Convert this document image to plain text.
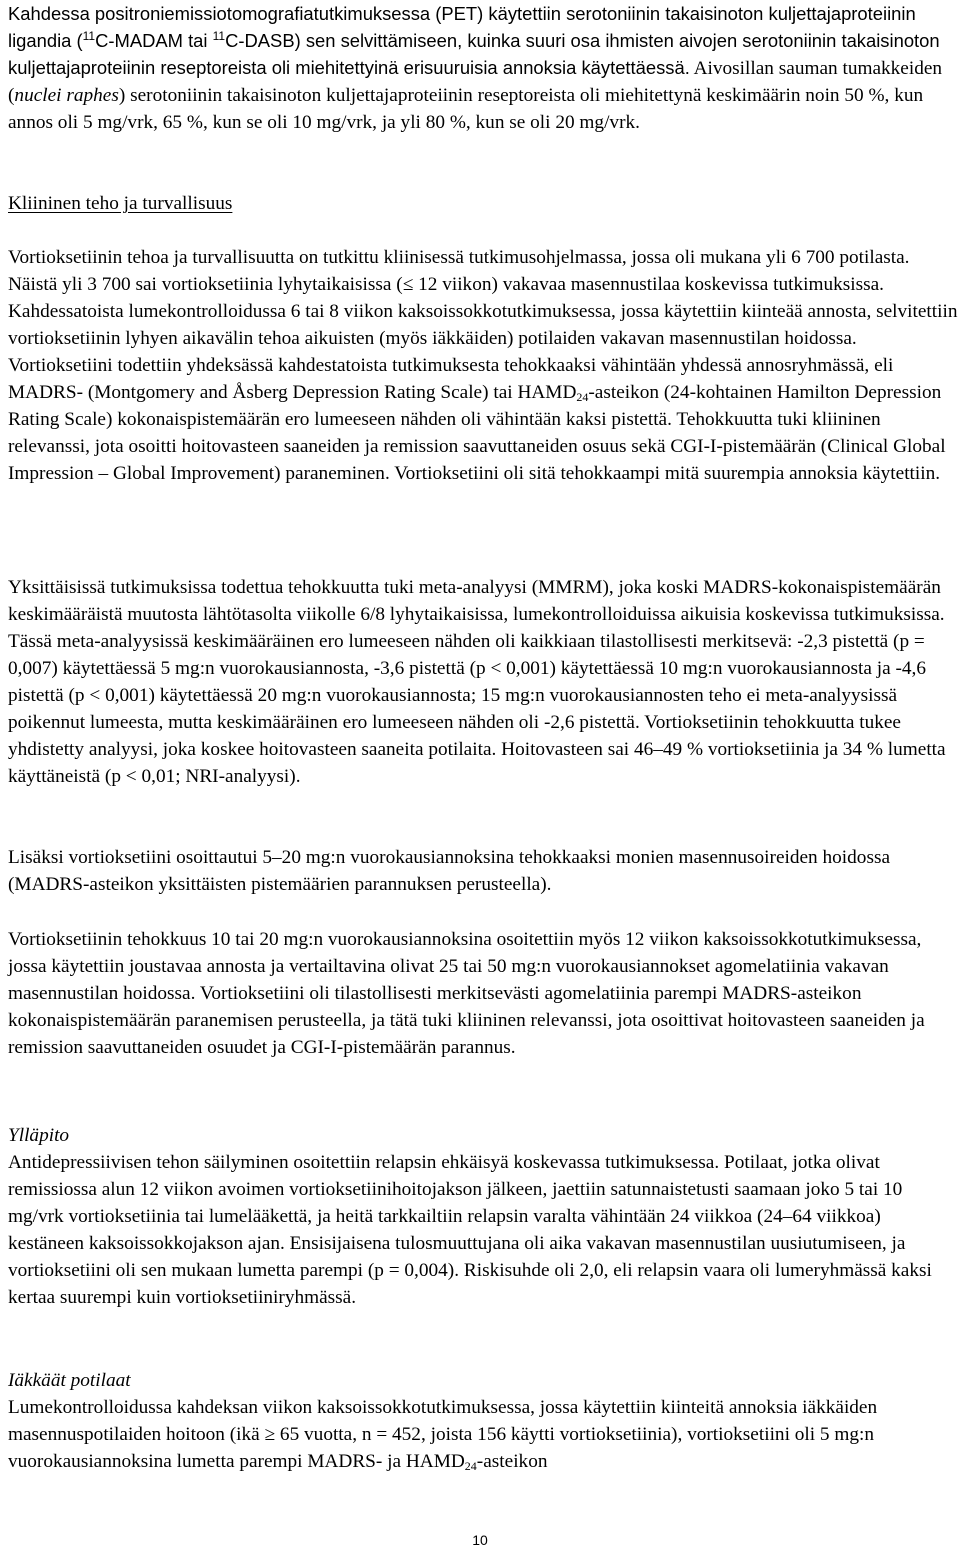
Kahdessa positroniemissiotomografiatutkimuksessa (PET) käytettiin serotoniinin takaisinoton kuljettajaproteiinin ligandia ($^{11}$C-MADAM tai $^{11}$C-DASB) sen selvittämiseen, kuinka suuri osa ihmisten aivojen serotoniinin takaisinoton kuljettajaproteiinin reseptoreista oli miehitettyinä erisuuruisia annoksia käytettäessä. Aivosillan sauman tumakkeiden (nuclei raphes) serotoniinin takaisinoton kuljettajaproteiinin reseptoreista oli miehitettynä keskimäärin noin 50 %, kun annos oli 5 mg/vrk, 65 %, kun se oli 10 mg/vrk, ja yli 80 %, kun se oli 20 mg/vrk.

Kliininen teho ja turvallisuus

Vortioksetiinin tehoa ja turvallisuutta on tutkittu kliinisessä tutkimusohjelmassa, jossa oli mukana yli 6 700 potilasta. Näistä yli 3 700 sai vortioksetiinia lyhytaikaisissa (≤ 12 viikon) vakavaa masennustilaa koskevissa tutkimuksissa. Kahdessatoista lumekontrolloidussa 6 tai 8 viikon kaksoissokkotutkimuksessa, jossa käytettiin kiinteää annosta, selvitettiin vortioksetiinin lyhyen aikavälin tehoa aikuisten (myös iäkkäiden) potilaiden vakavan masennustilan hoidossa. Vortioksetiini todettiin yhdeksässä kahdestatoista tutkimuksesta tehokkaaksi vähintään yhdessä annosryhmässä, eli MADRS- (Montgomery and Åsberg Depression Rating Scale) tai $HAMD_{24}$-asteikon (24-kohtainen Hamilton Depression Rating Scale) kokonaispistemäärän ero lumeeseen nähden oli vähintään kaksi pistettä. Tehokkuutta tuki kliininen relevanssi, jota osoitti hoitovasteen saaneiden ja remission saavuttaneiden osuus sekä CGI-I-pistemäärän (Clinical Global Impression – Global Improvement) paraneminen. Vortioksetiini oli sitä tehokkaampi mitä suurempia annoksia käytettiin.

Yksittäisissä tutkimuksissa todettua tehokkuutta tuki meta-analyysi (MMRM), joka koski MADRS-kokonaispistemäärän keskimääräistä muutosta lähtötasolta viikolle 6/8 lyhytaikaisissa, lumekontrolloiduissa aikuisia koskevissa tutkimuksissa. Tässä meta-analyysissä keskimääräinen ero lumeeseen nähden oli kaikkiaan tilastollisesti merkitsevä: -2,3 pistettä (p = 0,007) käytettäessä 5 mg:n vuorokausiannosta, -3,6 pistettä (p < 0,001) käytettäessä 10 mg:n vuorokausiannosta ja -4,6 pistettä (p < 0,001) käytettäessä 20 mg:n vuorokausiannosta; 15 mg:n vuorokausiannosten teho ei meta-analyysissä poikennut lumeesta, mutta keskimääräinen ero lumeeseen nähden oli -2,6 pistettä. Vortioksetiinin tehokkuutta tukee yhdistetty analyysi, joka koskee hoitovasteen saaneita potilaita. Hoitovasteen sai 46–49 % vortioksetiinia ja 34 % lumetta käyttäneistä (p < 0,01; NRI-analyysi).

Lisäksi vortioksetiini osoittautui 5–20 mg:n vuorokausiannoksina tehokkaaksi monien masennusoireiden hoidossa (MADRS-asteikon yksittäisten pistemäärien parannuksen perusteella).

Vortioksetiinin tehokkuus 10 tai 20 mg:n vuorokausiannoksina osoitettiin myös 12 viikon kaksoissokkotutkimuksessa, jossa käytettiin joustavaa annosta ja vertailtavina olivat 25 tai 50 mg:n vuorokausiannokset agomelatiinia vakavan masennustilan hoidossa. Vortioksetiini oli tilastollisesti merkitsevästi agomelatiinia parempi MADRS-asteikon kokonaispistemäärän paranemisen perusteella, ja tätä tuki kliininen relevanssi, jota osoittivat hoitovasteen saaneiden ja remission saavuttaneiden osuudet ja CGI-I-pistemäärän parannus.

Ylläpito

Antidepressiivisen tehon säilyminen osoitettiin relapsin ehkäisyä koskevassa tutkimuksessa. Potilaat, jotka olivat remissiossa alun 12 viikon avoimen vortioksetiinihoitojakson jälkeen, jaettiin satunnaistetusti saamaan joko 5 tai 10 mg/vrk vortioksetiinia tai lumelääkettä, ja heitä tarkkailtiin relapsin varalta vähintään 24 viikkoa (24–64 viikkoa) kestäneen kaksoissokkojakson ajan. Ensisijaisena tulosmuuttujana oli aika vakavan masennustilan uusiutumiseen, ja vortioksetiini oli sen mukaan lumetta parempi (p = 0,004). Riskisuhde oli 2,0, eli relapsin vaara oli lumeryhmässä kaksi kertaa suurempi kuin vortioksetiiniryhmässä.

Iäkkäät potilaat

Lumekontrolloidussa kahdeksan viikon kaksoissokkotutkimuksessa, jossa käytettiin kiinteitä annoksia iäkkäiden masennuspotilaiden hoitoon (ikä ≥ 65 vuotta, n = 452, joista 156 käytti vortioksetiinia), vortioksetiini oli 5 mg:n vuorokausiannoksina lumetta parempi MADRS- ja $HAMD_{24}$-asteikon

10
